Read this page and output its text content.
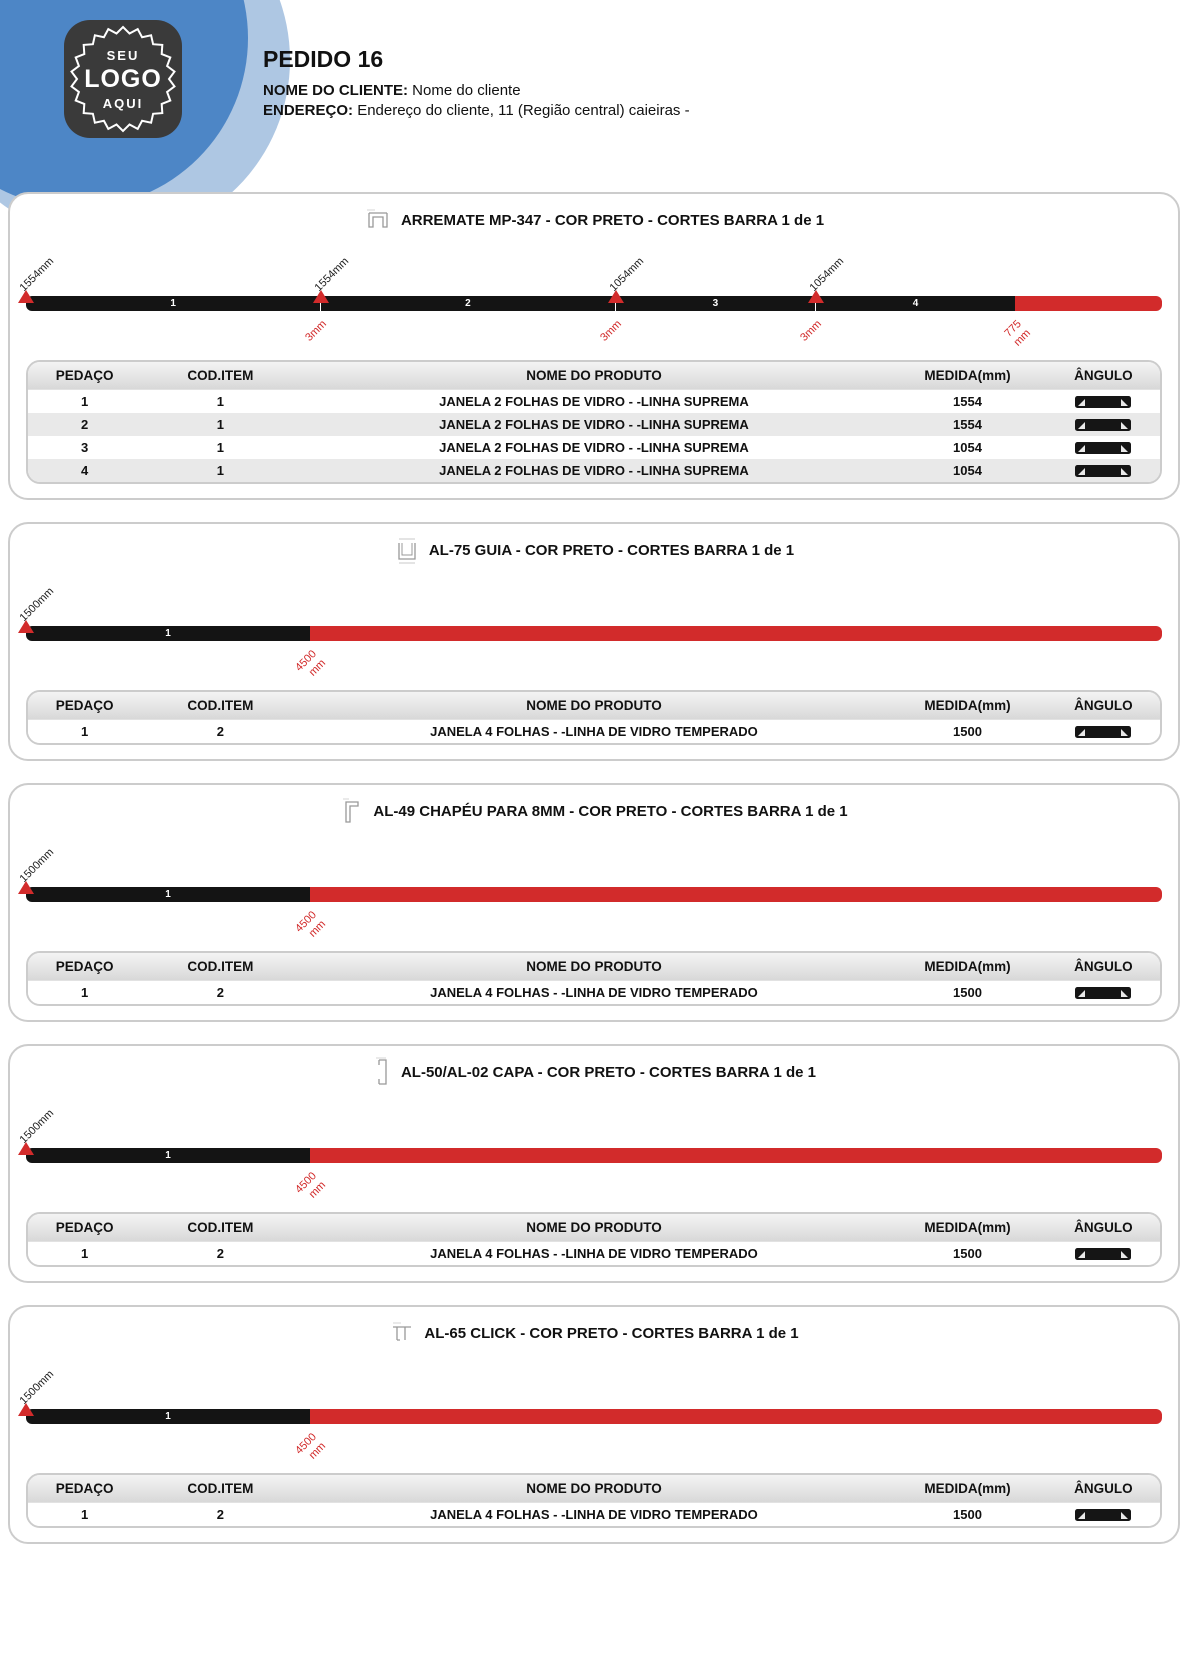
SEU
LOGO
AQUI
PEDIDO 16
NOME DO CLIENTE: Nome do cliente
ENDEREÇO: Endereço do cliente, 11 (Região central) caieiras -
ARREMATE MP-347 - COR PRETO - CORTES BARRA 1 de 1
1554mm	1554mm	1054mm	1054mm
1	2	3	4
3mm	3mm	3mm	775
mm
PEDAÇO	COD.ITEM	NOME DO PRODUTO	MEDIDA(mm)	ÂNGULO
1	1	JANELA 2 FOLHAS DE VIDRO - -LINHA SUPREMA	1554
2	1	JANELA 2 FOLHAS DE VIDRO - -LINHA SUPREMA	1554
3	1	JANELA 2 FOLHAS DE VIDRO - -LINHA SUPREMA	1054
4	1	JANELA 2 FOLHAS DE VIDRO - -LINHA SUPREMA	1054
AL-75 GUIA - COR PRETO - CORTES BARRA 1 de 1
1500mm
1
4500
mm
PEDAÇO	COD.ITEM	NOME DO PRODUTO	MEDIDA(mm)	ÂNGULO
1	2	JANELA 4 FOLHAS - -LINHA DE VIDRO TEMPERADO	1500
AL-49 CHAPÉU PARA 8MM - COR PRETO - CORTES BARRA 1 de 1
1500mm
1
4500
mm
PEDAÇO	COD.ITEM	NOME DO PRODUTO	MEDIDA(mm)	ÂNGULO
1	2	JANELA 4 FOLHAS - -LINHA DE VIDRO TEMPERADO	1500
AL-50/AL-02 CAPA - COR PRETO - CORTES BARRA 1 de 1
1500mm
1
4500
mm
PEDAÇO	COD.ITEM	NOME DO PRODUTO	MEDIDA(mm)	ÂNGULO
1	2	JANELA 4 FOLHAS - -LINHA DE VIDRO TEMPERADO	1500
AL-65 CLICK - COR PRETO - CORTES BARRA 1 de 1
1500mm
1
4500
mm
PEDAÇO	COD.ITEM	NOME DO PRODUTO	MEDIDA(mm)	ÂNGULO
1	2	JANELA 4 FOLHAS - -LINHA DE VIDRO TEMPERADO	1500
